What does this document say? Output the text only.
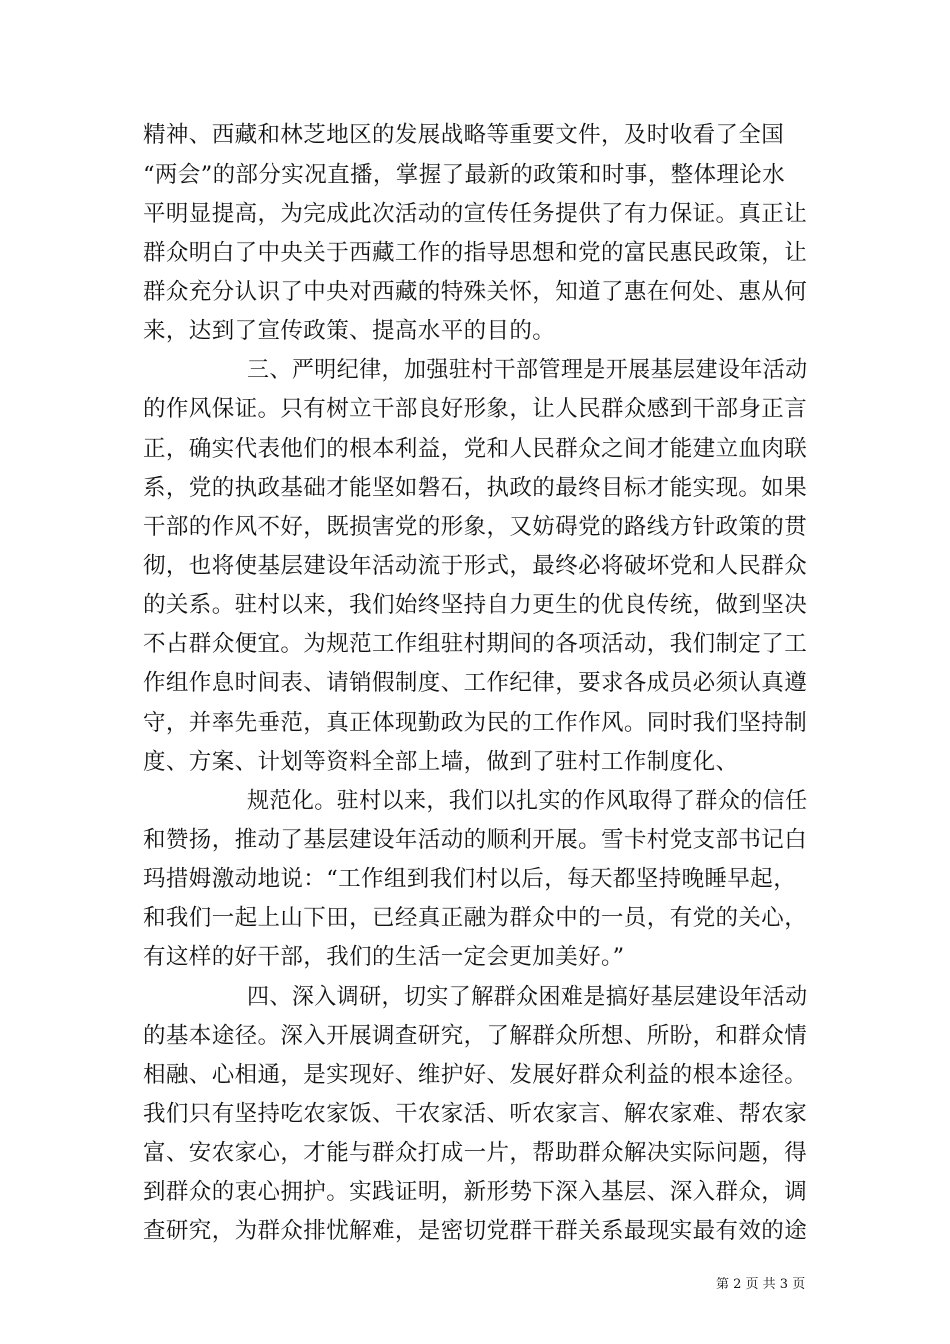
精神、西藏和林芝地区的发展战略等重要文件，及时收看了全国
“两会”的部分实况直播，掌握了最新的政策和时事，整体理论水
平明显提高，为完成此次活动的宣传任务提供了有力保证。真正让
群众明白了中央关于西藏工作的指导思想和党的富民惠民政策，让
群众充分认识了中央对西藏的特殊关怀，知道了惠在何处、惠从何
来，达到了宣传政策、提高水平的目的。
三、严明纪律，加强驻村干部管理是开展基层建设年活动
的作风保证。只有树立干部良好形象，让人民群众感到干部身正言
正，确实代表他们的根本利益，党和人民群众之间才能建立血肉联
系，党的执政基础才能坚如磐石，执政的最终目标才能实现。如果
干部的作风不好，既损害党的形象，又妨碍党的路线方针政策的贯
彻，也将使基层建设年活动流于形式，最终必将破坏党和人民群众
的关系。驻村以来，我们始终坚持自力更生的优良传统，做到坚决
不占群众便宜。为规范工作组驻村期间的各项活动，我们制定了工
作组作息时间表、请销假制度、工作纪律，要求各成员必须认真遵
守，并率先垂范，真正体现勤政为民的工作作风。同时我们坚持制
度、方案、计划等资料全部上墙，做到了驻村工作制度化、
规范化。驻村以来，我们以扎实的作风取得了群众的信任
和赞扬，推动了基层建设年活动的顺利开展。雪卡村党支部书记白
玛措姆激动地说：“工作组到我们村以后，每天都坚持晚睡早起，
和我们一起上山下田，已经真正融为群众中的一员，有党的关心，
有这样的好干部，我们的生活一定会更加美好。”
四、深入调研，切实了解群众困难是搞好基层建设年活动
的基本途径。深入开展调查研究，了解群众所想、所盼，和群众情
相融、心相通，是实现好、维护好、发展好群众利益的根本途径。
我们只有坚持吃农家饭、干农家活、听农家言、解农家难、帮农家
富、安农家心，才能与群众打成一片，帮助群众解决实际问题，得
到群众的衷心拥护。实践证明，新形势下深入基层、深入群众，调
查研究，为群众排忧解难，是密切党群干群关系最现实最有效的途
第 2 页 共 3 页
